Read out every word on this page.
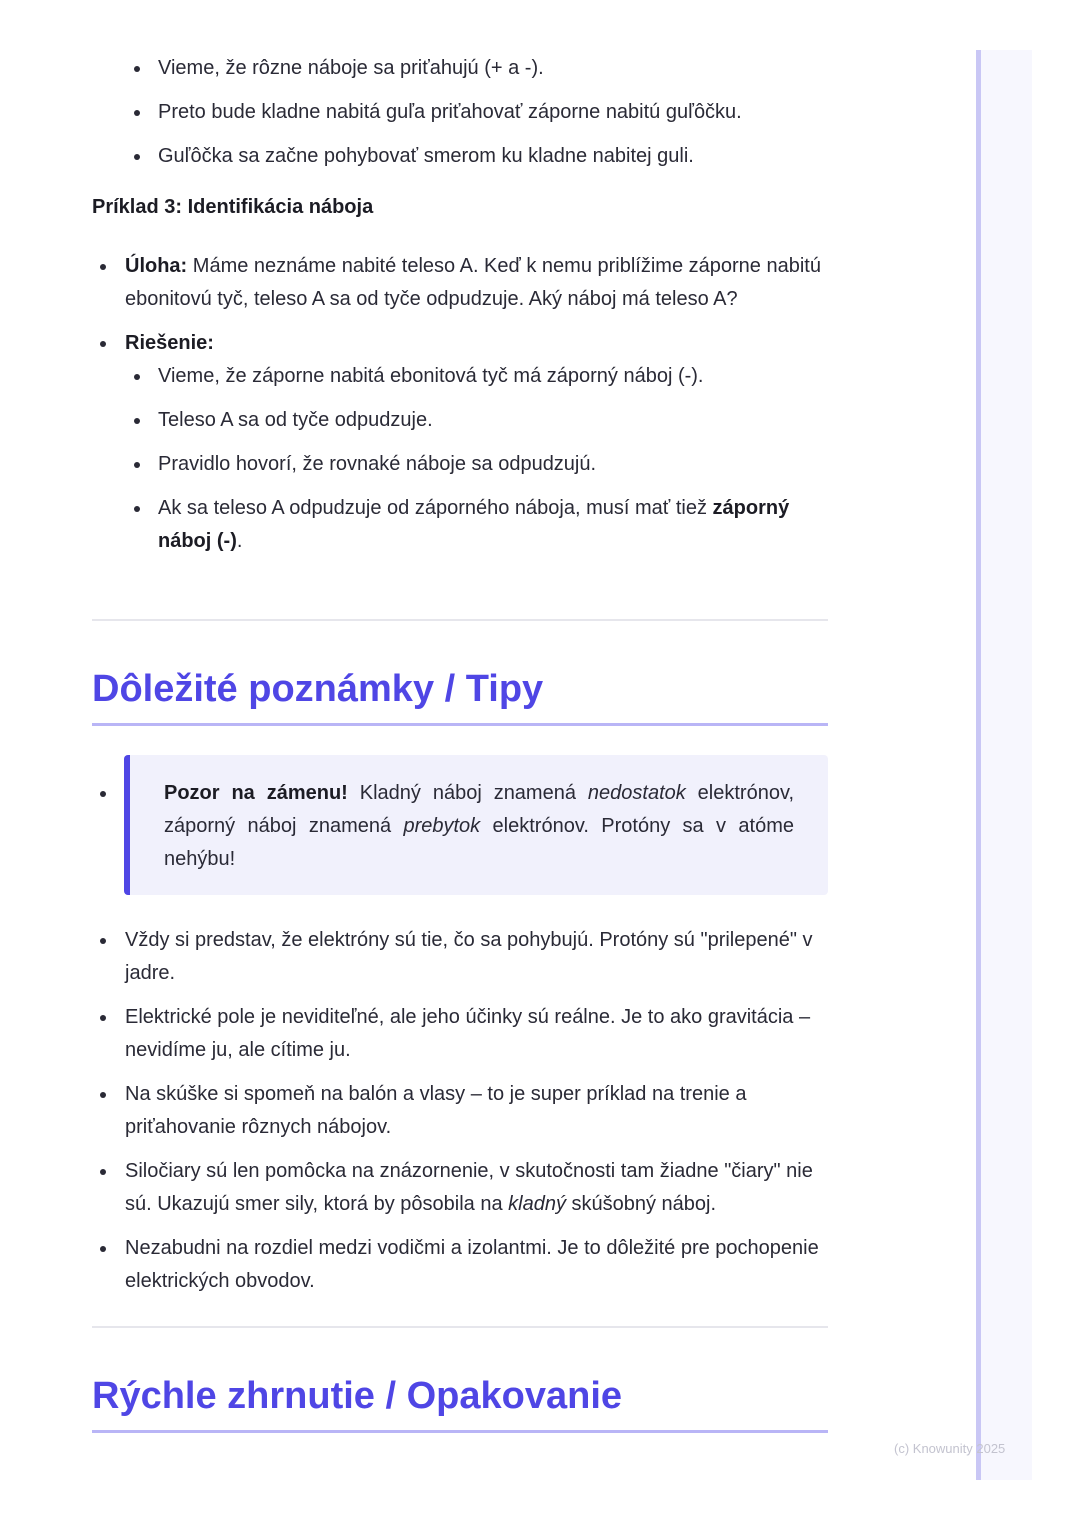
Vieme, že rôzne náboje sa priťahujú (+ a -).
Preto bude kladne nabitá guľa priťahovať záporne nabitú guľôčku.
Guľôčka sa začne pohybovať smerom ku kladne nabitej guli.
Príklad 3: Identifikácia náboja
Úloha: Máme neznáme nabité teleso A. Keď k nemu priblížime záporne nabitú ebonitovú tyč, teleso A sa od tyče odpudzuje. Aký náboj má teleso A?
Riešenie:
Vieme, že záporne nabitá ebonitová tyč má záporný náboj (-).
Teleso A sa od tyče odpudzuje.
Pravidlo hovorí, že rovnaké náboje sa odpudzujú.
Ak sa teleso A odpudzuje od záporného náboja, musí mať tiež záporný náboj (-).
Dôležité poznámky / Tipy
Pozor na zámenu! Kladný náboj znamená nedostatok elektrónov, záporný náboj znamená prebytok elektrónov. Protóny sa v atóme nehýbu!
Vždy si predstav, že elektróny sú tie, čo sa pohybujú. Protóny sú "prilepené" v jadre.
Elektrické pole je neviditeľné, ale jeho účinky sú reálne. Je to ako gravitácia – nevidíme ju, ale cítime ju.
Na skúške si spomeň na balón a vlasy – to je super príklad na trenie a priťahovanie rôznych nábojov.
Siločiary sú len pomôcka na znázornenie, v skutočnosti tam žiadne "čiary" nie sú. Ukazujú smer sily, ktorá by pôsobila na kladný skúšobný náboj.
Nezabudni na rozdiel medzi vodičmi a izolantmi. Je to dôležité pre pochopenie elektrických obvodov.
Rýchle zhrnutie / Opakovanie
(c) Knowunity 2025
